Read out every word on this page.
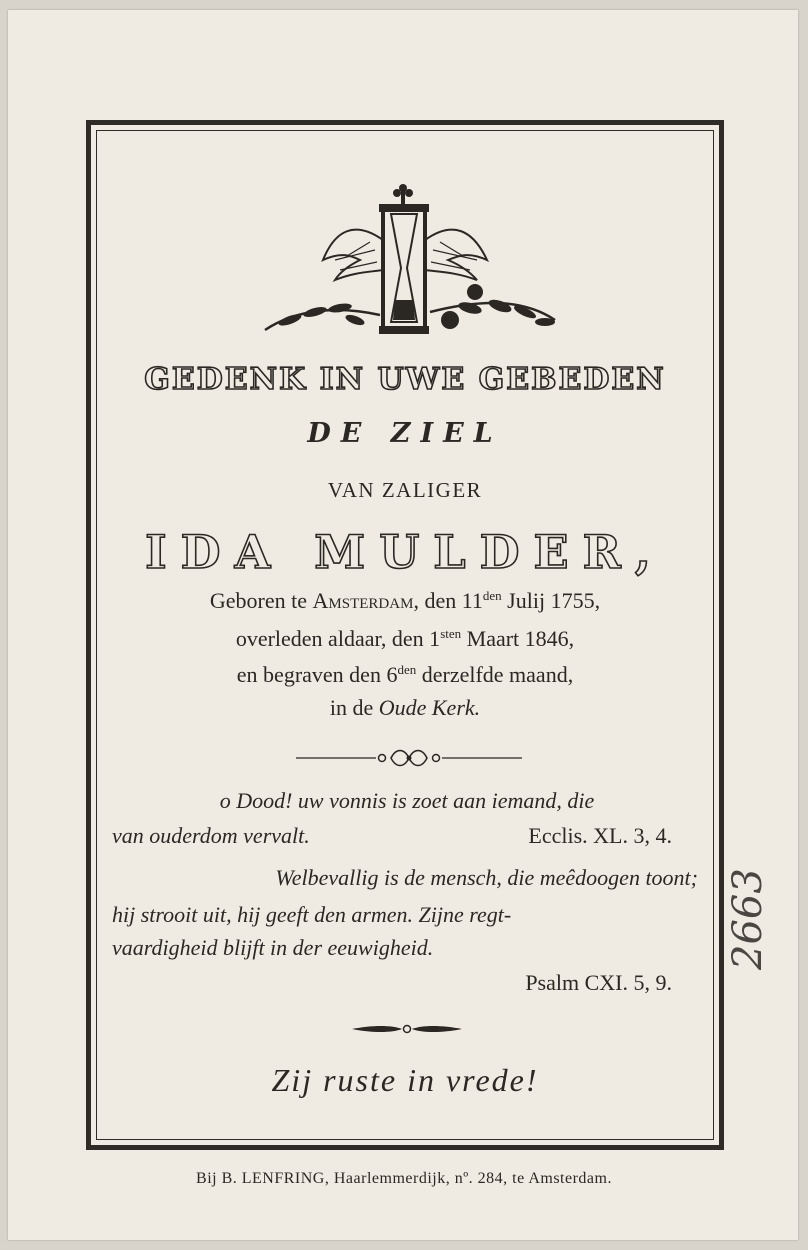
GEDENK IN UWE GEBEDEN
DE ZIEL
VAN ZALIGER
IDA MULDER,
Geboren te Amsterdam, den $11^{den}$ Julij 1755,
overleden aldaar, den $1^{sten}$ Maart 1846,
en begraven den $6^{den}$ derzelfde maand,
in de Oude Kerk.
o Dood! uw vonnis is zoet aan iemand, die
van ouderdom vervalt.	Ecclis. XL. 3, 4.
Welbevallig is de mensch, die meêdoogen toont;
hij strooit uit, hij geeft den armen. Zijne regt-
vaardigheid blijft in der eeuwigheid.
Psalm CXI. 5, 9.
Zij ruste in vrede!
Bij B. LENFRING, Haarlemmerdijk, nº. 284, te Amsterdam.
2663
